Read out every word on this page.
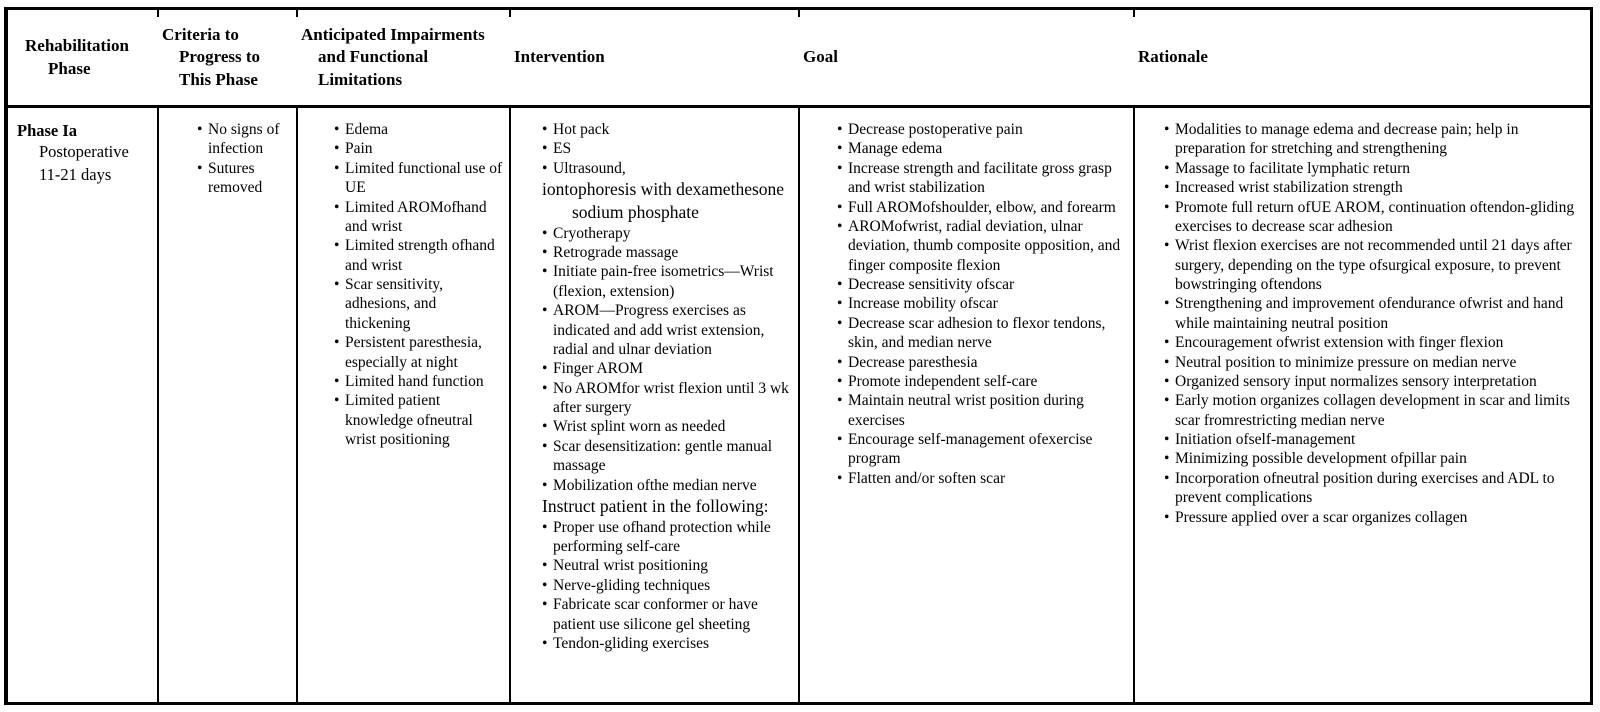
Rehabilitation Phase
Criteria to Progress to This Phase
Anticipated Impairments and Functional Limitations
Intervention	Goal	Rationale
Phase Ia
Postoperative
11-21 days
• No signs of infection
• Sutures removed
• Edema
• Pain
• Limited functional use of UE
• Limited AROMofhand and wrist
• Limited strength ofhand and wrist
• Scar sensitivity, adhesions, and thickening
• Persistent paresthesia, especially at night
• Limited hand function
• Limited patient knowledge ofneutral wrist positioning
• Hot pack
• ES
• Ultrasound,
iontophoresis with dexamethesone sodium phosphate
• Cryotherapy
• Retrograde massage
• Initiate pain-free isometrics—Wrist (flexion, extension)
• AROM—Progress exercises as indicated and add wrist extension, radial and ulnar deviation
• Finger AROM
• No AROMfor wrist flexion until 3 wk after surgery
• Wrist splint worn as needed
• Scar desensitization: gentle manual massage
• Mobilization ofthe median nerve
Instruct patient in the following:
• Proper use ofhand protection while performing self-care
• Neutral wrist positioning
• Nerve-gliding techniques
• Fabricate scar conformer or have patient use silicone gel sheeting
• Tendon-gliding exercises
• Decrease postoperative pain
• Manage edema
• Increase strength and facilitate gross grasp and wrist stabilization
• Full AROMofshoulder, elbow, and forearm
• AROMofwrist, radial deviation, ulnar deviation, thumb composite opposition, and finger composite flexion
• Decrease sensitivity ofscar
• Increase mobility ofscar
• Decrease scar adhesion to flexor tendons, skin, and median nerve
• Decrease paresthesia
• Promote independent self-care
• Maintain neutral wrist position during exercises
• Encourage self-management ofexercise program
• Flatten and/or soften scar
• Modalities to manage edema and decrease pain; help in preparation for stretching and strengthening
• Massage to facilitate lymphatic return
• Increased wrist stabilization strength
• Promote full return ofUE AROM, continuation oftendon-gliding exercises to decrease scar adhesion
• Wrist flexion exercises are not recommended until 21 days after surgery, depending on the type ofsurgical exposure, to prevent bowstringing oftendons
• Strengthening and improvement ofendurance ofwrist and hand while maintaining neutral position
• Encouragement ofwrist extension with finger flexion
• Neutral position to minimize pressure on median nerve
• Organized sensory input normalizes sensory interpretation
• Early motion organizes collagen development in scar and limits scar fromrestricting median nerve
• Initiation ofself-management
• Minimizing possible development ofpillar pain
• Incorporation ofneutral position during exercises and ADL to prevent complications
• Pressure applied over a scar organizes collagen
